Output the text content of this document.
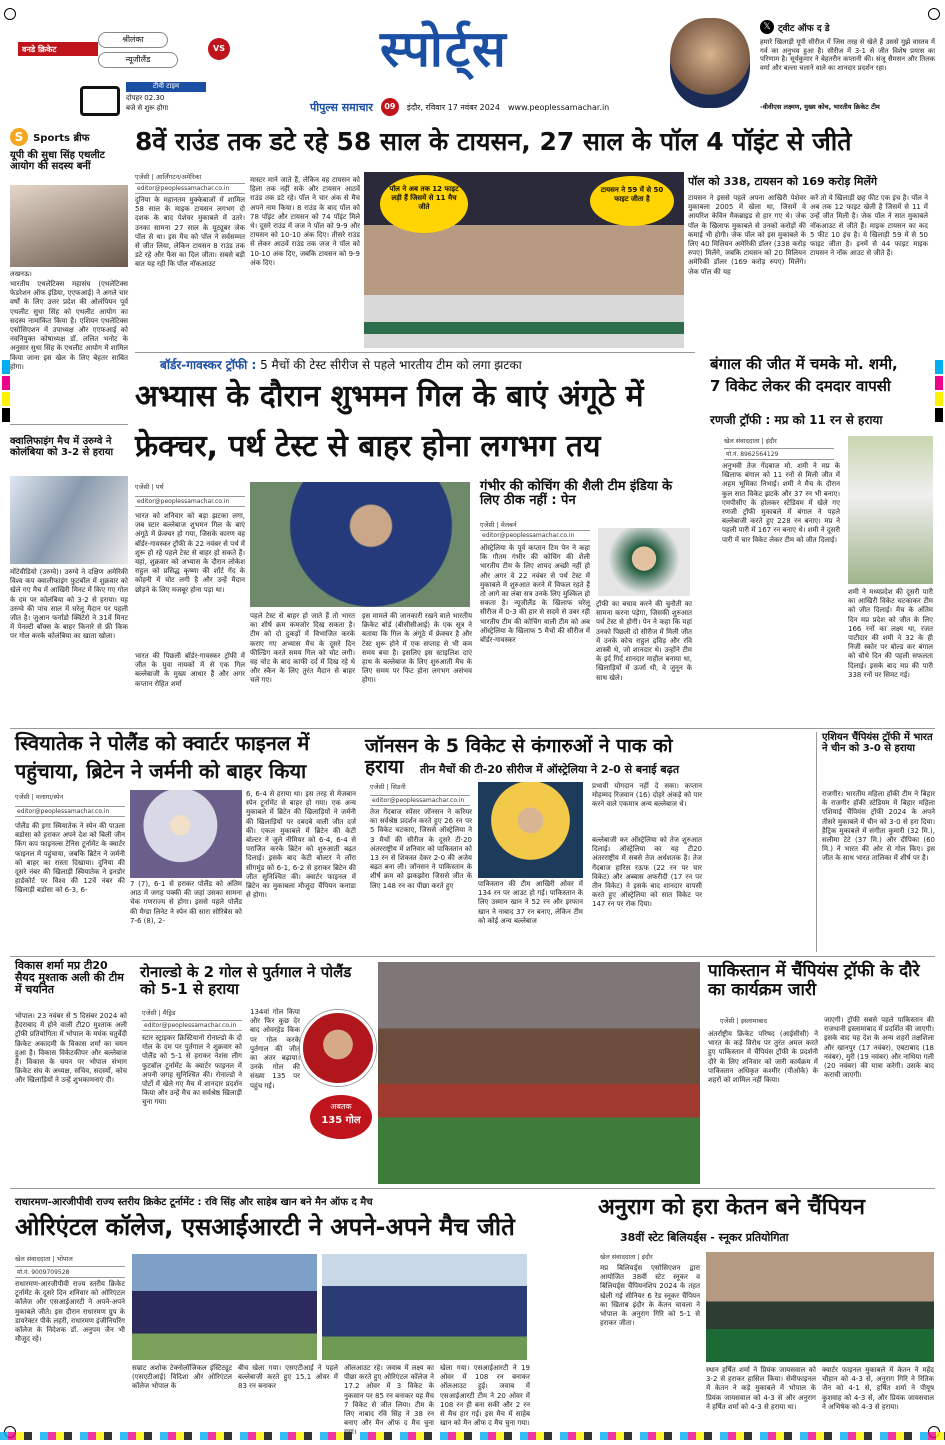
वनडे क्रिकेट
श्रीलंका
VS
न्यूजीलैंड
टीवी टाइम
दोपहर 02.30
बजे से शुरू होगा
स्पोर्ट्स
पीपुल्स समाचार	09	इंदौर, रविवार 17 नवंबर 2024 www.peoplessamachar.in
𝕏 ट्वीट ऑफ द डे
हमारे खिलाड़ी यूपी सीरीज में जिस तरह से खेले हैं उससे मुझे वास्तव में गर्व का अनुभव हुआ है। सीरीज में 3-1 से जीत विशेष प्रयास का परिणाम है। सूर्यकुमार ने बेहतरीन कप्तानी की। संजू सैमसन और तिलक वर्मा और बल्ला चलाने वाले का शानदार प्रदर्शन रहा।
-वीवीएस लक्ष्मण, मुख्य कोच, भारतीय क्रिकेट टीम
S Sports ब्रीफ
यूपी की सुधा सिंह एथलीट आयोग की सदस्य बनीं
लखनऊ।
भारतीय एथलेटिक्स महासंघ (एथलेटिक्स फेडरेशन ऑफ इंडिया, एएफआई) ने अगले चार वर्षों के लिए उत्तर प्रदेश की ओलंपियन पूर्व एथलीट सुधा सिंह को एथलीट आयोग का सदस्य नामांकित किया है। एशियन एथलेटिक्स एसोसिएशन में उपाध्यक्ष और एएफआई को नवनियुक्त कोषाध्यक्ष डॉ. ललित भनोट के अनुसार सुधा सिंह के एथलीट आयोग में शामिल किया जाना इस खेल के लिए बेहतर साबित होगा।
क्वालिफाइंग मैच में उरुग्वे ने कोलंबिया को 3-2 से हराया
मोंटेवीडियो (उरुग्वे)। उरुग्वे ने दक्षिण अमेरिकी विश्व कप क्वालीफाइंग फुटबॉल में शुक्रवार को खेले गए मैच में आखिरी मिनट में किए गए गोल के दम पर कोलंबिया को 3-2 से हराया। यह उरुग्वे की पांच साल में घरेलू मैदान पर पहली जीत है। जुआन फर्नांडो क्विंटेरो ने 31वें मिनट में पेनल्टी बॉक्स के बाहर किनारे से फ्री किक पर गोल करके कोलंबिया का खाता खोला।
8वें राउंड तक डटे रहे 58 साल के टायसन, 27 साल के पॉल 4 पॉइंट से जीते
एजेंसी | आर्लिंगटन/अमेरिका
editor@peoplessamachar.co.in
दुनिया के महानतम मुक्केबाजों में शामिल 58 साल के माइक टायसन लगभग दो दशक के बाद पेशेवर मुकाबले में उतरे। उनका सामना 27 साल के यूट्यूबर जेक पॉल से था। इस मैच को पॉल ने सर्वसम्मत से जीत लिया, लेकिन टायसन 8 राउंड तक डटे रहे और फैंस का दिल जीता। सबसे बड़ी बात यह रही कि पॉल नॉकआउट
मास्टर माने जाते हैं, लेकिन वह टायसन को हिला तक नहीं सके और टायसन आठवें राउंड तक डटे रहे। पॉल ने चार अंक से मैच अपने नाम किया। 8 राउंड के बाद पॉल को 78 पॉइंट और टायसन को 74 पॉइंट मिले थे। दूसरे राउंड में जज ने पॉल को 9-9 और टायसन को 10-10 अंक दिए। तीसरे राउंड से लेकर आठवें राउंड तक जज ने पॉल को 10-10 अंक दिए, जबकि टायसन को 9-9 अंक दिए।
पॉल ने अब तक 12 फाइट लड़ी हैं जिसमें से 11 मैच जीते
टायसन ने 59 में से 50 फाइट जीता है
पॉल को 338, टायसन को 169 करोड़ मिलेंगे
टायसन ने इससे पहले अपना आखिरी पेशेवर मुकाबला 2005 में खेला था, जिसमें वे आयरिश केविन मैकब्राइड से हार गए थे। जेक पॉल के खिलाफ मुकाबले से उनको करोड़ों की कमाई भी होगी। जेक पॉल को इस मुकाबले के लिए 40 मिलियन अमेरिकी डॉलर (338 करोड़ रुपए) मिलेंगे, जबकि टायसन को 20 मिलियन अमेरिकी डॉलर (169 करोड़ रुपए) मिलेंगे। जेक पॉल की यह
करें तो ये खिलाड़ी छह फीट एक इंच है। पॉल ने अब तक 12 फाइट खेली है जिसमें से 11 में उन्हें जीत मिली है। जेक पॉल ने सात मुकाबले नॉकआउट से जीते हैं। माइक टायसन का कद 5 फीट 10 इंच है। ये खिलाड़ी 59 में से 50 फाइट जीता है। इनमें से 44 फाइट माइक टायसन ने नॉक आउट से जीते हैं।
बॉर्डर-गावस्कर ट्रॉफी : 5 मैचों की टेस्ट सीरीज से पहले भारतीय टीम को लगा झटका
अभ्यास के दौरान शुभमन गिल के बाएं अंगूठे में
फ्रेक्चर, पर्थ टेस्ट से बाहर होना लगभग तय
एजेंसी | पर्थ
editor@peoplessamachar.co.in
भारत को शनिवार को बड़ा झटका लगा, जब स्टार बल्लेबाज शुभमन गिल के बाएं अंगूठे में फ्रेक्चर हो गया, जिसके कारण वह बॉर्डर-गावस्कर ट्रॉफी के 22 नवंबर से पर्थ में शुरू हो रहे पहले टेस्ट से बाहर हो सकते हैं। यहां, शुक्रवार को अभ्यास के दौरान लोकेश राहुल को प्रसिद्ध कृष्णा की शॉर्ट गेंद के कोहनी में चोट लगी है और उन्हें मैदान छोड़ने के लिए मजबूर होना पड़ा था।
भारत की पिछली बॉर्डर-गावस्कर ट्रॉफी में जीत के युवा नायकों में से एक गिल बल्लेबाजी के मुख्य आधार हैं और अगर कप्तान रोहित शर्मा
पहले टेस्ट से बाहर हो जाते हैं तो भारत का शीर्ष क्रम कमजोर दिख सकता है। टीम को दो दुकड़ों में विभाजित करके कराए गए अभ्यास मैच के दूसरे दिन फील्डिंग करते समय गिल को चोट लगी। वह चोट के बाद काफी दर्द में दिख रहे थे और स्कैन के लिए तुरंत मैदान से बाहर चले गए।
इस मामले की जानकारी रखने वाले भारतीय क्रिकेट बोर्ड (बीसीसीआई) के एक सूत्र ने बताया कि गिल के अंगूठे में फ्रेक्चर है और टेस्ट शुरू होने में एक सप्ताह से भी कम समय बचा है। इसलिए इस स्टाइलिश दाएं हाथ के बल्लेबाज के लिए शुरुआती मैच के लिए समय पर फिट होना लगभग असंभव होगा।
गंभीर की कोचिंग की शैली टीम इंडिया के लिए ठीक नहीं : पेन
एजेंसी | मेलबर्न
editor@peoplessamachar.co.in
ऑस्ट्रेलिया के पूर्व कप्तान टिम पेन ने कहा कि गौतम गंभीर की कोचिंग की शैली भारतीय टीम के लिए शायद अच्छी नहीं हो और अगर वे 22 नवंबर से पर्थ टेस्ट में मुकाबले में शुरुआत करने में विफल रहते हैं तो आगे का लंबा सत्र उनके लिए मुश्किल हो सकता है। न्यूजीलैंड के खिलाफ घरेलू सीरीज में 0-3 की हार से सदमे से उबर रही भारतीय टीम की कोचिंग वाली टीम को अब ऑस्ट्रेलिया के खिलाफ 5 मैचों की सीरीज में बॉर्डर-गावस्कर
ट्रॉफी का बचाव करने की चुनौती का सामना करना पड़ेगा, जिसकी शुरुआत पर्थ टेस्ट से होगी। पेन ने कहा कि यहां उनको पिछली दो सीरीज में मिली जीत में उनके कोच राहुल द्रविड़ और रवि शास्त्री थे, जो शानदार थे। उन्होंने टीम के इर्द गिर्द शानदार माहौल बनाया था, खिलाड़ियों में ऊर्जा थी, वे जुनून के साथ खेले।
बंगाल की जीत में चमके मो. शमी,
7 विकेट लेकर की दमदार वापसी
रणजी ट्रॉफी : मप्र को 11 रन से हराया
खेल संवाददाता | इंदौर
मो.नं. 8962564129
अनुभवी तेज गेंदबाज मो. शमी ने मप्र के खिलाफ बंगाल को 11 रनों से मिली जीत में अहम भूमिका निभाई। शमी ने मैच के दौरान कुल सात विकेट झटके और 37 रन भी बनाए। एमपीसीए के होलकर स्टेडियम में खेले गए रणजी ट्रॉफी मुकाबले में बंगाल ने पहले बल्लेबाजी करते हुए 228 रन बनाए। मप्र ने पहली पारी में 167 रन बनाए थे। शमी ने दूसरी पारी में चार विकेट लेकर टीम को जीत दिलाई।
शमी ने मध्यप्रदेश की दूसरी पारी का आखिरी विकेट चटकाकर टीम को जीत दिलाई। मैच के अंतिम दिन मप्र प्रदेश को जीत के लिए 166 रनों का लक्ष्य था, रजत पाटीदार की शमी ने 32 के ही निजी स्कोर पर बोल्ड कर बंगाल को चौथे दिन की पहली सफलता दिलाई। इसके बाद मप्र की पारी 338 रनों पर सिमट गई।
स्वियातेक ने पोलैंड को क्वार्टर फाइनल में
पहुंचाया, ब्रिटेन ने जर्मनी को बाहर किया
एजेंसी | मलागा/स्पेन
editor@peoplessamachar.co.in
पोलैंड की इगा स्वियातेक ने स्पेन की पाउला बडोसा को हराकर अपने देश को बिली जीन किंग कप फाइनल्स टेनिस टूर्नामेंट के क्वार्टर फाइनल में पहुंचाया, जबकि ब्रिटेन ने जर्मनी को बाहर का रास्ता दिखाया। दुनिया की दूसरे नंबर की खिलाड़ी स्वियातेक ने इनडोर हार्डकोर्ट पर विश्व की 12वें नंबर की खिलाड़ी बडोसा को 6-3, 6-
7 (7), 6-1 से हराकर पोलैंड को अंतिम आठ में जगह पक्की की जहां उसका सामना चेक गणराज्य से होगा। इससे पहले पोलैंड की मैग्डा लिनेट ने स्पेन की सारा सोरिबेस को 7-6 (8), 2-
6, 6-4 से हराया था। इस तरह से मेजबान स्पेन टूर्नामेंट से बाहर हो गया। एक अन्य मुकाबले में ब्रिटेन की खिलाड़ियों ने जर्मनी की खिलाड़ियों पर दबदबे वाली जीत दर्ज की। एकल मुकाबले में ब्रिटेन की केटी बोल्टर ने जुले नीमियर को 6-4, 6-4 से पराजित करके ब्रिटेन को शुरुआती बढ़त दिलाई। इसके बाद केटी बोल्टर ने लॉरा सीगमुंड को 6-1, 6-2 से हराकर ब्रिटेन की जीत सुनिश्चित की। क्वार्टर फाइनल में ब्रिटेन का मुकाबला मौजूदा चैंपियन कनाडा से होगा।
जॉनसन के 5 विकेट से कंगारुओं ने पाक को हराया	तीन मैचों की टी-20 सीरीज में ऑस्ट्रेलिया ने 2-0 से बनाई बढ़त
एजेंसी | सिडनी
editor@peoplessamachar.co.in
तेज गेंदबाज स्पेंसर जॉनसन ने करियर का सर्वश्रेष्ठ प्रदर्शन करते हुए 26 रन पर 5 विकेट चटकाए, जिससे ऑस्ट्रेलिया ने 3 मैचों की सीरीज के दूसरे टी-20 अंतरराष्ट्रीय में शनिवार को पाकिस्तान को 13 रन से शिकस्त देकर 2-0 की अजेय बढ़त बना ली। जॉनसन ने पाकिस्तान के शीर्ष क्रम को झकझोरा जिससे जीत के लिए 148 रन का पीछा करते हुए	पाकिस्तान की टीम आखिरी ओवर में 134 रन पर आउट हो गई। पाकिस्तान के लिए उस्मान खान ने 52 रन और इरफान खान ने नाबाद 37 रन बनाए, लेकिन टीम को कोई अन्य बल्लेबाज
प्रभावी योगदान नहीं दे सका। कप्तान मोहम्मद रिजवान (16) दोहरे अंकड़े को पार करने वाले एकमात्र अन्य बल्लेबाज थे।
बल्लेबाजी कर ऑस्ट्रेलिया को तेज शुरुआत दिलाई। ऑस्ट्रेलिया का यह टी20 अंतरराष्ट्रीय में सबसे तेज अर्धशतक है। तेज गेंदबाज हारिस रऊफ (22 रन पर चार विकेट) और अब्बास अफरीदी (17 रन पर तीन विकेट) ने इसके बाद शानदार वापसी करते हुए ऑस्ट्रेलिया को सात विकेट पर 147 रन पर रोक दिया।
एशियन चैंपियंस ट्रॉफी में भारत ने चीन को 3-0 से हराया
राजगीर। भारतीय महिला हॉकी टीम ने बिहार के राजगीर हॉकी स्टेडियम में बिहार महिला एशियाई चैंपियंस ट्रॉफी 2024 के अपने तीसरे मुकाबले में चीन को 3-0 से हरा दिया। हैट्रिक मुकाबले में संगीता कुमारी (32 मि.), सलीमा टेटे (37 मि.) और दीपिका (60 मि.) ने भारत की ओर से गोल किए। इस जीत के साथ भारत तालिका में शीर्ष पर है।
विकास शर्मा मप्र टी20 सैयद मुश्ताक अली की टीम में चयनित
भोपाल। 23 नवंबर से 5 दिसंबर 2024 को हैदराबाद में होने वाली टी20 मुश्ताक अली ट्रॉफी प्रतियोगिता में भोपाल के मयंक चतुर्वेदी क्रिकेट अकादमी के विकास शर्मा का चयन हुआ है। विकास विकेटकीपर और बल्लेबाज हैं। विकास के चयन पर भोपाल संभाग क्रिकेट संघ के अध्यक्ष, सचिव, सदस्यों, कोच और खिलाड़ियों ने उन्हें शुभकामनाएं दी।
रोनाल्डो के 2 गोल से पुर्तगाल ने पोलैंड को 5-1 से हराया
एजेंसी | मैड्रिड
editor@peoplessamachar.co.in
स्टार स्ट्राइकर क्रिस्टियानो रोनाल्डो के दो गोल के दम पर पुर्तगाल ने शुक्रवार को पोलैंड को 5-1 से हराकर नेशंस लीग फुटबॉल टूर्नामेंट के क्वार्टर फाइनल में अपनी जगह सुनिश्चित की। रोनाल्डो ने पोर्टो में खेले गए मैच में शानदार प्रदर्शन किया और उन्हें मैच का सर्वश्रेष्ठ खिलाड़ी चुना गया।
134वां गोल किया और फिर कुछ देर बाद ओवरहेड किक पर गोल करके पुर्तगाल की जीत का अंतर बढ़ाया। उनके गोल की संख्या 135 पर पहुंच गई।
अबतक
135 गोल
पाकिस्तान में चैंपियंस ट्रॉफी के दौरे का कार्यक्रम जारी
एजेंसी | इस्लामाबाद
अंतर्राष्ट्रीय क्रिकेट परिषद (आईसीसी) ने भारत के कड़े विरोध पर तुरंत अमल करते हुए पाकिस्तान में चैंपियंस ट्रॉफी के प्रदर्शनी दौरे के लिए शनिवार को जारी कार्यक्रम में पाकिस्तान अधिकृत कश्मीर (पीओके) के शहरों को शामिल नहीं किया।
जाएगी। ट्रॉफी सबसे पहले पाकिस्तान की राजधानी इस्लामाबाद में प्रदर्शित की जाएगी। इसके बाद यह देश के अन्य शहरों तक्षशिला और खानपुर (17 नवंबर), एबटाबाद (18 नवंबर), मुरी (19 नवंबर) और नाथिया गली (20 नवंबर) की यात्रा करेगी। उसके बाद कराची जाएगी।
राधारमण-आरजीपीवी राज्य स्तरीय क्रिकेट टूर्नामेंट : रवि सिंह और साहेब खान बने मैन ऑफ द मैच
ओरिएंटल कॉलेज, एसआईआरटी ने अपने-अपने मैच जीते
खेल संवाददाता | भोपाल
मो.नं. 9009709528
राधारमण-आरजीपीवी राज्य स्तरीय क्रिकेट टूर्नामेंट के दूसरे दिन शनिवार को ओरिएंटल कॉलेज और एसआईआरटी ने अपने-अपने मुकाबले जीते। इस दौरान राधारमण ग्रुप के डायरेक्टर पीके लहरी, राधारमण इंजीनियरिंग कॉलेज के निदेशक डॉ. अनुपम जैन भी मौजूद रहे।
सम्राट अशोक टेक्नोलॉजिकल इंस्टिट्यूट (एसएटीआई) विदिशा और ओरिएंटल कॉलेज भोपाल के
बीच खेला गया। एसएटीआई ने पहले बल्लेबाजी करते हुए 15.1 ओवर में 83 रन बनाकर
ऑलआउट रहे। जवाब में लक्ष्य का पीछा करते हुए ओरिएंटल कॉलेज ने 17.2 ओवर में 3 विकेट के नुकसान पर 85 रन बनाकर यह मैच 7 विकेट से जीत लिया। टीम के लिए नाबाद रवि सिंह ने 38 रन बनाए और मैन ऑफ द मैच चुना गया।
खेला गया। एसआईआरटी ने 19 ओवर में 108 रन बनाकर ऑलआउट हुई। जवाब में एसआईआरटी टीम ने 20 ओवर में 108 रन ही बना सकी और 2 रन से मैच हार गई। इस मैच में साहेब खान को मैन ऑफ द मैच चुना गया।
अनुराग को हरा केतन बने चैंपियन
38वीं स्टेट बिलियर्ड्स - स्नूकर प्रतियोगिता
खेल संवाददाता | इंदौर
मप्र बिलियर्ड्स एसोसिएशन द्वारा आयोजित 38वीं स्टेट स्नूकर व बिलियर्ड्स चैंपियनशिप 2024 के तहत खेली गई सीनियर 6 रेड स्नूकर चैंपियन का खिताब इंदौर के केतन चावला ने भोपाल के अनुराग गिरि को 5-1 से हराकर जीता।
स्थान हर्षित शर्मा ने प्रियंक जायसवाल को 3-2 से हराकर हासिल किया। सेमीफाइनल में केतन ने कड़े मुकाबले में भोपाल के प्रियंक जायसवाल को 4-3 से और अनुराग ने हर्षित शर्मा को 4-3 से हराया था।
क्वार्टर फाइनल मुकाबले में केतन ने महेंद्र चौहान को 4-3 से, अनुराग गिरि ने रितिक जैन को 4-1 से, हर्षित शर्मा ने पीयूष कुशवाह को 4-3 से, और प्रियंक जायसवाल ने अभिषेक को 4-3 से हराया।
